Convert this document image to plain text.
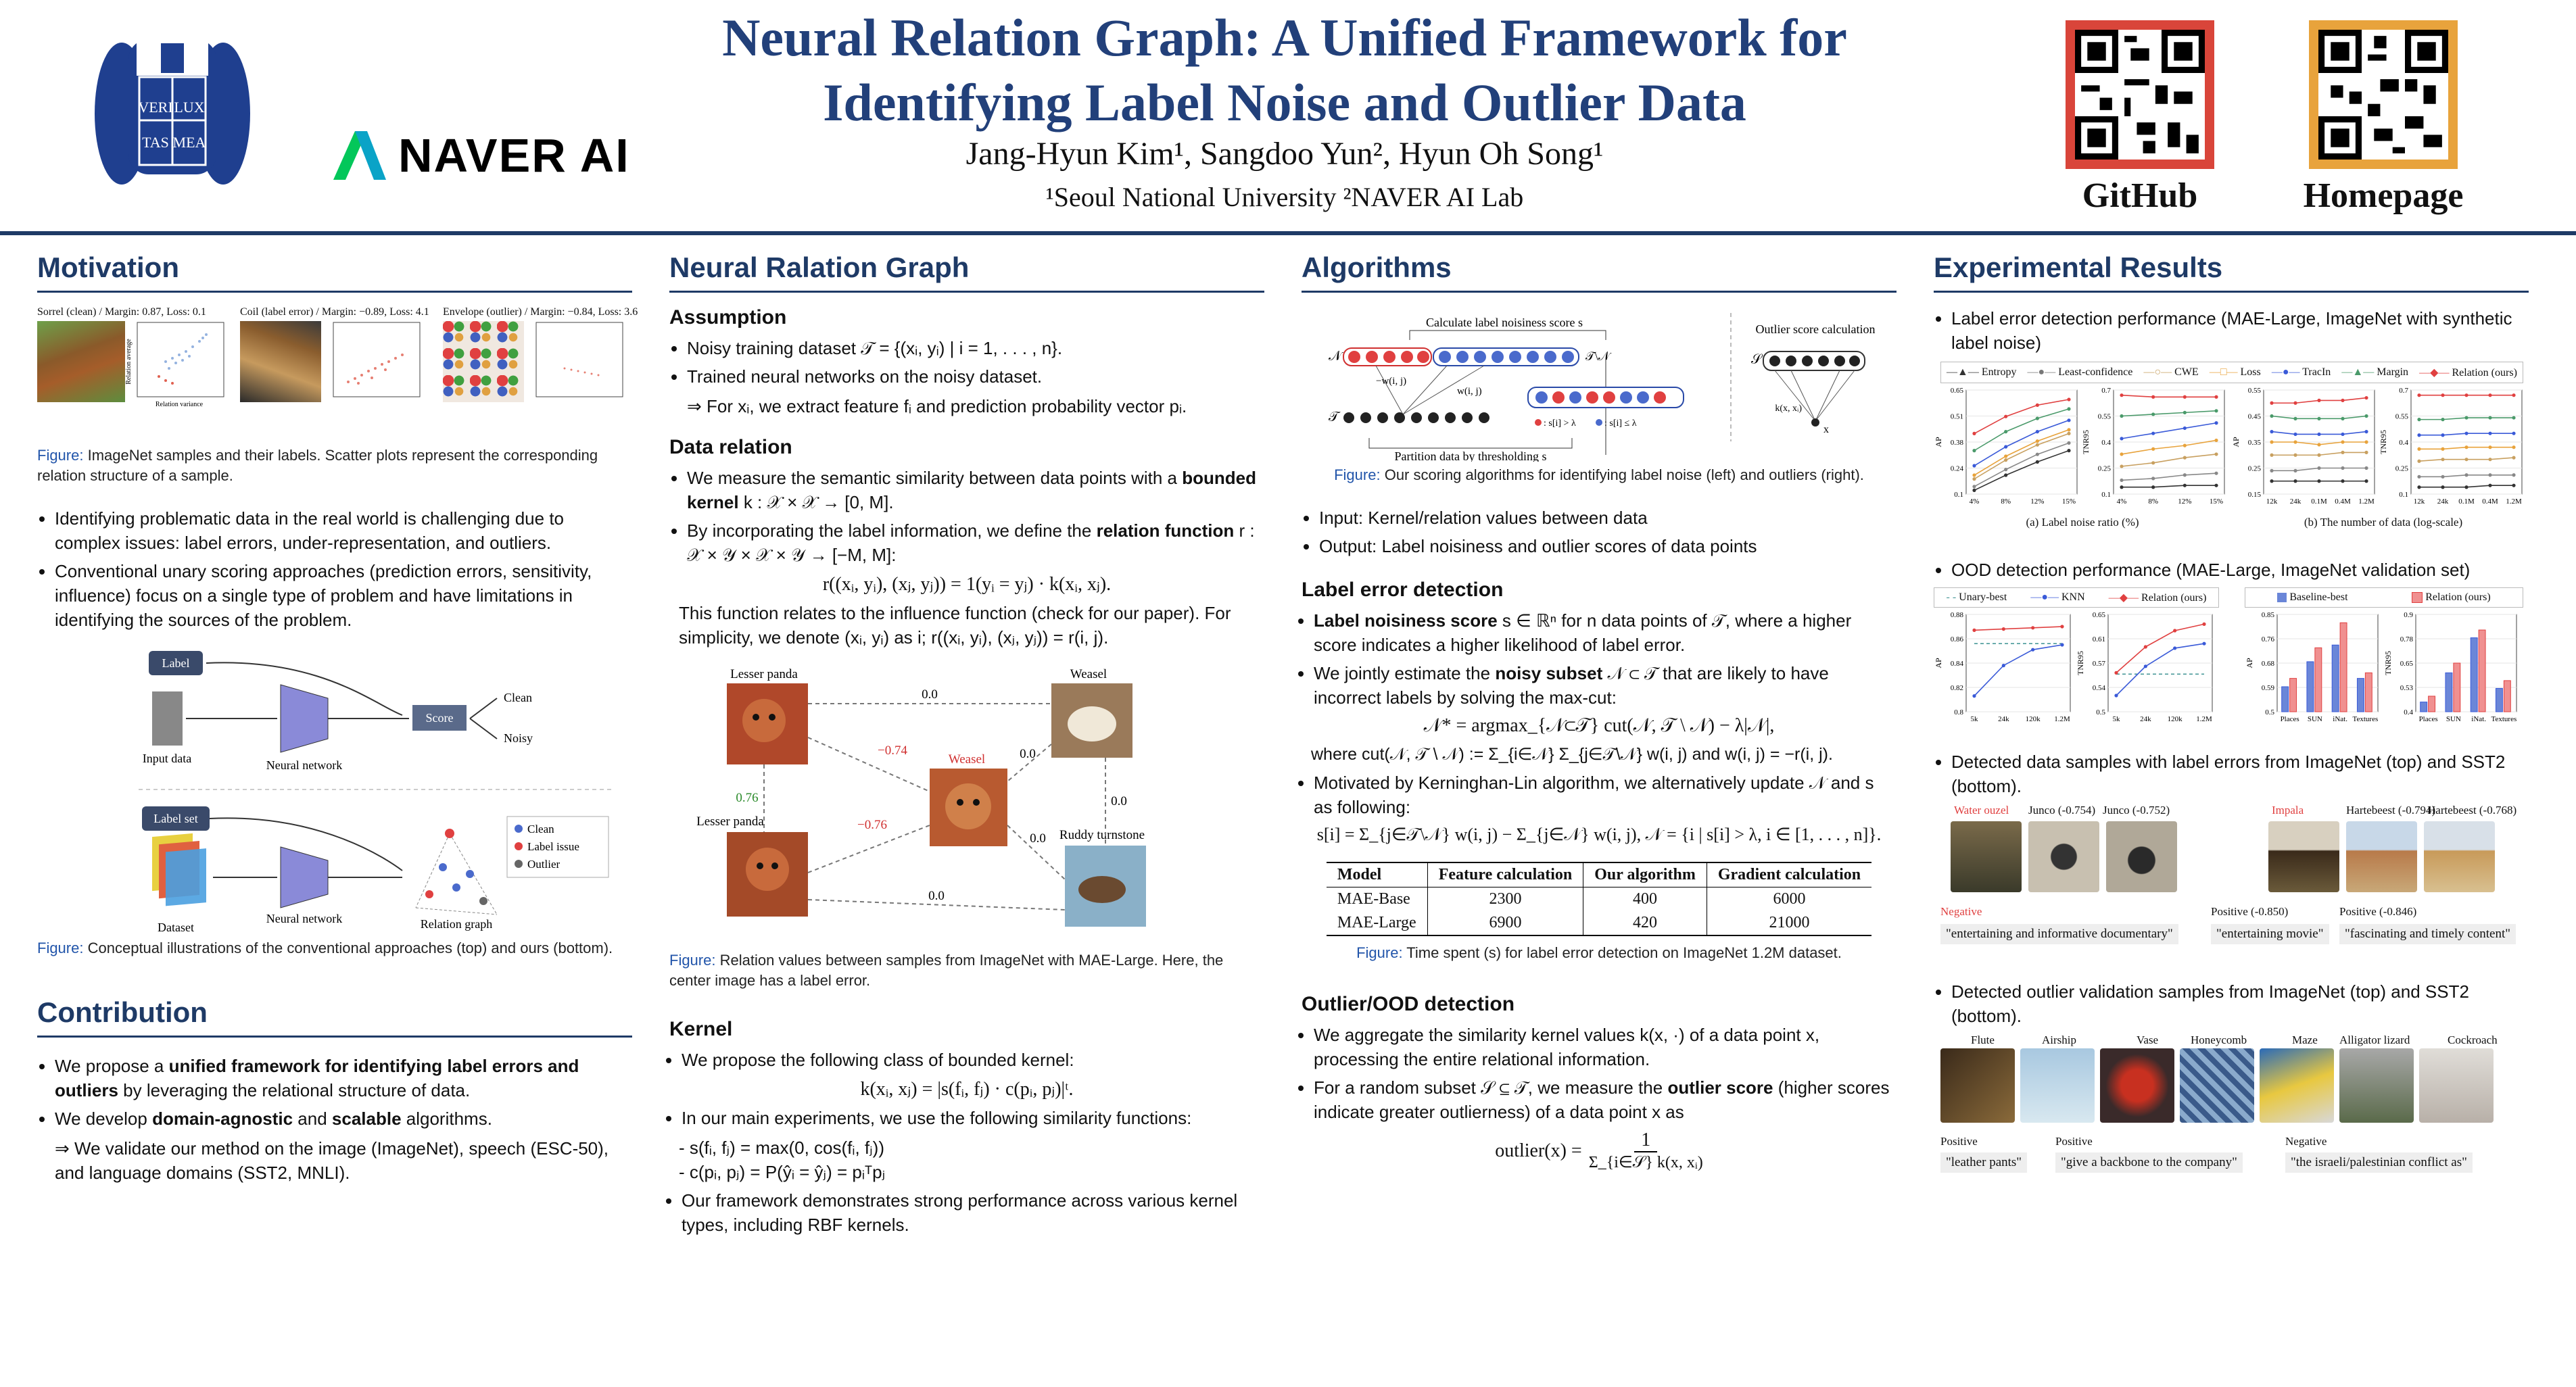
VERI LUX
TAS MEA	NAVER AI
Neural Relation Graph: A Unified Framework for
Identifying Label Noise and Outlier Data
Jang-Hyun Kim¹, Sangdoo Yun², Hyun Oh Song¹
¹Seoul National University ²NAVER AI Lab	GitHub	Homepage
Motivation
Sorrel (clean) / Margin: 0.87, Loss: 0.1
Relation variance
Relation average
Coil (label error) / Margin: −0.89, Loss: 4.1	Envelope (outlier) / Margin: −0.84, Loss: 3.6
Figure: ImageNet samples and their labels. Scatter plots represent the corresponding relation structure of a sample.
• Identifying problematic data in the real world is challenging due to complex issues: label errors, under-representation, and outliers.
• Conventional unary scoring approaches (prediction errors, sensitivity, influence) focus on a single type of problem and have limitations in identifying the sources of the problem.
Label
Input data	Neural network
Score
Clean
Noisy
Label set
Dataset
Neural network	Relation graph
Clean
Label issue
Outlier
Figure: Conceptual illustrations of the conventional approaches (top) and ours (bottom).
Contribution
• We propose a unified framework for identifying label errors and outliers by leveraging the relational structure of data.
• We develop domain-agnostic and scalable algorithms.
⇒ We validate our method on the image (ImageNet), speech (ESC-50), and language domains (SST2, MNLI).
Neural Ralation Graph
Assumption
• Noisy training dataset 𝒯 = {(xᵢ, yᵢ) | i = 1, . . . , n}.
• Trained neural networks on the noisy dataset.
⇒ For xᵢ, we extract feature fᵢ and prediction probability vector pᵢ.
Data relation
• We measure the semantic similarity between data points with a bounded kernel k : 𝒳 × 𝒳 → [0, M].
• By incorporating the label information, we define the relation function r : 𝒳 × 𝒴 × 𝒳 × 𝒴 → [−M, M]:
r((xᵢ, yᵢ), (xⱼ, yⱼ)) = 1(yᵢ = yⱼ) · k(xᵢ, xⱼ).
This function relates to the influence function (check for our paper). For simplicity, we denote (xᵢ, yᵢ) as i; r((xᵢ, yᵢ), (xⱼ, yⱼ)) = r(i, j).
Lesser panda	Weasel
Weasel
Lesser panda
Ruddy turnstone
0.0
−0.74	0.0
0.76
−0.76
0.0
0.0
0.0
Figure: Relation values between samples from ImageNet with MAE-Large. Here, the center image has a label error.
Kernel
• We propose the following class of bounded kernel:
k(xᵢ, xⱼ) = |s(fᵢ, fⱼ) · c(pᵢ, pⱼ)|ᵗ.
• In our main experiments, we use the following similarity functions:
- s(fᵢ, fⱼ) = max(0, cos(fᵢ, fⱼ))
- c(pᵢ, pⱼ) = P(ŷᵢ = ŷⱼ) = pᵢᵀpⱼ
• Our framework demonstrates strong performance across various kernel types, including RBF kernels.
Algorithms
Calculate label noisiness score s
𝒩
𝒯
𝒯\𝒩
−w(i, j)
w(i, j)
Partition data by thresholding s
: s[i] > λ	: s[i] ≤ λ
Outlier score calculation
𝒮
k(x, xᵢ)
x
Figure: Our scoring algorithms for identifying label noise (left) and outliers (right).
• Input: Kernel/relation values between data
• Output: Label noisiness and outlier scores of data points
Label error detection
• Label noisiness score s ∈ ℝⁿ for n data points of 𝒯, where a higher score indicates a higher likelihood of label error.
• We jointly estimate the noisy subset 𝒩 ⊂ 𝒯 that are likely to have incorrect labels by solving the max-cut:
𝒩* = argmax_{𝒩⊂𝒯} cut(𝒩, 𝒯 \ 𝒩) − λ|𝒩|,
where cut(𝒩, 𝒯 \ 𝒩) := Σ_{i∈𝒩} Σ_{j∈𝒯\𝒩} w(i, j) and w(i, j) = −r(i, j).
• Motivated by Kerninghan-Lin algorithm, we alternatively update 𝒩 and s as following:
s[i] = Σ_{j∈𝒯\𝒩} w(i, j) − Σ_{j∈𝒩} w(i, j), 𝒩 = {i | s[i] > λ, i ∈ [1, . . . , n]}.
Model	Feature calculation	Our algorithm	Gradient calculation
MAE-Base	2300	400	6000
MAE-Large	6900	420	21000
Figure: Time spent (s) for label error detection on ImageNet 1.2M dataset.
Outlier/OOD detection
• We aggregate the similarity kernel values k(x, ·) of a data point x, processing the entire relational information.
• For a random subset 𝒮 ⊆ 𝒯, we measure the outlier score (higher scores indicate greater outlierness) of a data point x as
outlier(x) =	1
Σ_{i∈𝒮} k(x, xᵢ)
Experimental Results
• Label error detection performance (MAE-Large, ImageNet with synthetic label noise)
—▲— Entropy —●— Least-confidence —○— CWE —□— Loss —●— TracIn —▲— Margin —◆— Relation (ours)
0.1
0.24
0.38
0.51
0.65
AP
4%	8%	12% 15%
0.1
0.25
0.4
0.55
0.7
TNR95
4%	8%	12% 15%
0.15
0.25
0.35
0.45
0.55
AP
12k 24k 0.1M 0.4M 1.2M
0.1
0.25
0.4
0.55
0.7
TNR95
12k 24k 0.1M 0.4M 1.2M
(a) Label noise ratio (%)	(b) The number of data (log-scale)
• OOD detection performance (MAE-Large, ImageNet validation set)
- - Unary-best —●— KNN —◆— Relation (ours)	Baseline-best	Relation (ours)
0.8
0.82
0.84
0.86
0.88
AP
5k	24k 120k 1.2M
0.5
0.54
0.57
0.61
0.65
TNR95
5k	24k 120k 1.2M
0.5
0.59
0.68
0.76
0.85
AP
Places SUN iNat. Textures
0.4
0.53
0.65
0.78
0.9
TNR95
Places SUN iNat. Textures
• Detected data samples with label errors from ImageNet (top) and SST2 (bottom).
Water ouzel Junco (-0.754) Junco (-0.752)	Impala	Hartebeest (-0.794)
Hartebeest (-0.768)
Negative	Positive (-0.850)	Positive (-0.846)
"entertaining and informative documentary"	"entertaining movie"	"fascinating and timely content"
• Detected outlier validation samples from ImageNet (top) and SST2 (bottom).
Flute	Airship	Vase	Honeycomb	Maze Alligator lizard	Cockroach
Positive	Positive	Negative
"leather pants"	"give a backbone to the company"	"the israeli/palestinian conflict as"
